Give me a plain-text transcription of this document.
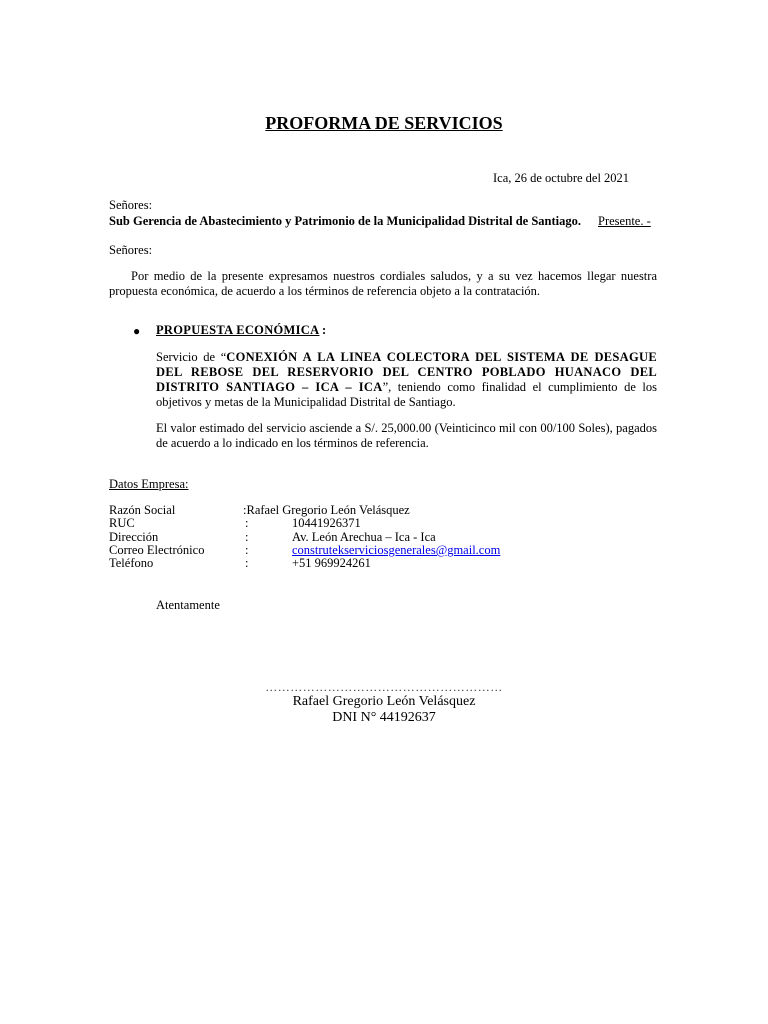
PROFORMA DE SERVICIOS
Ica, 26 de octubre del 2021
Señores:
Sub Gerencia de Abastecimiento y Patrimonio de la Municipalidad Distrital de Santiago. Presente. -
Señores:
Por medio de la presente expresamos nuestros cordiales saludos, y a su vez hacemos llegar nuestra propuesta económica, de acuerdo a los términos de referencia objeto a la contratación.
● PROPUESTA ECONÓMICA :
Servicio de “CONEXIÓN A LA LINEA COLECTORA DEL SISTEMA DE DESAGUE DEL REBOSE DEL RESERVORIO DEL CENTRO POBLADO HUANACO DEL DISTRITO SANTIAGO – ICA – ICA”, teniendo como finalidad el cumplimiento de los objetivos y metas de la Municipalidad Distrital de Santiago.
El valor estimado del servicio asciende a S/. 25,000.00 (Veinticinco mil con 00/100 Soles), pagados de acuerdo a lo indicado en los términos de referencia.
Datos Empresa:
Razón Social	:Rafael Gregorio León Velásquez
RUC	:	10441926371
Dirección	:	Av. León Arechua – Ica - Ica
Correo Electrónico	:	construtekserviciosgenerales@gmail.com
Teléfono	:	+51 969924261
Atentamente
…………………………………………………
Rafael Gregorio León Velásquez
DNI N° 44192637
